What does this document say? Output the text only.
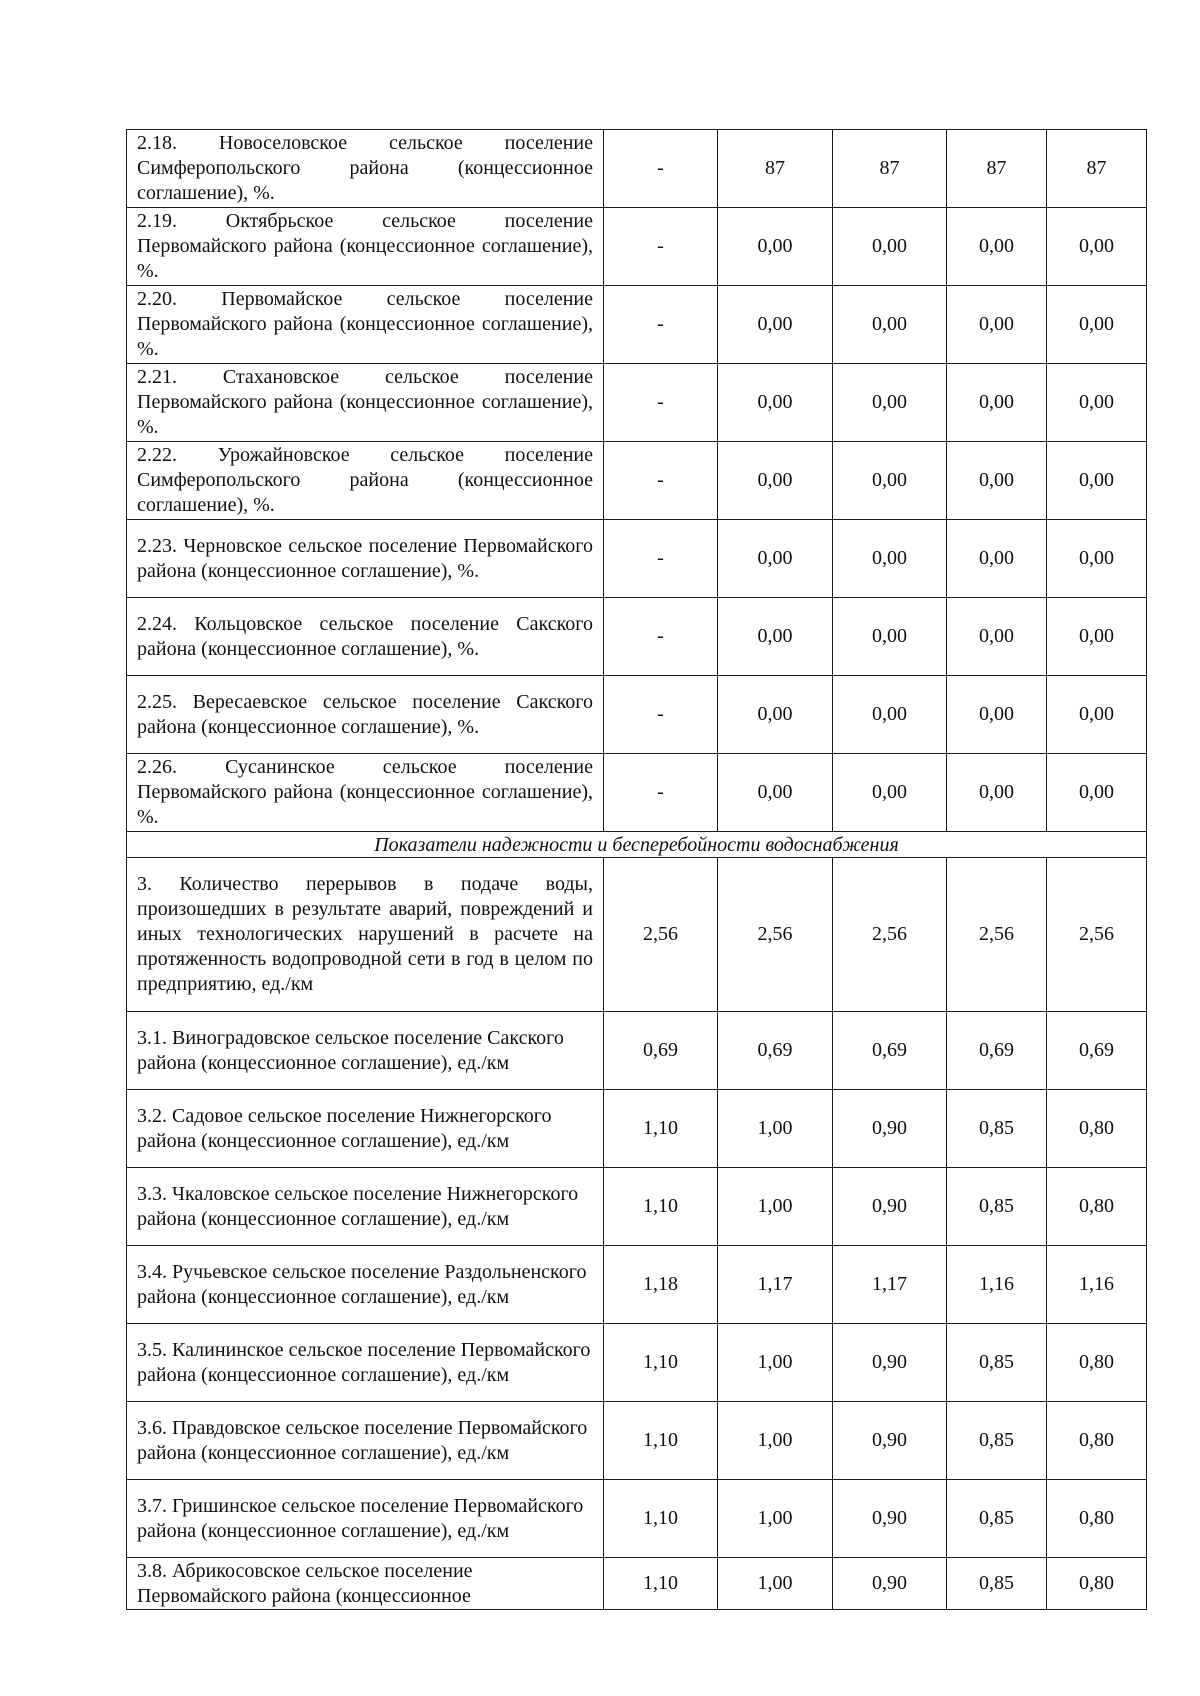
2.18. Новоселовское сельское поселение Симферопольского района (концессионное соглашение), %.	-	87	87	87	87
2.19. Октябрьское сельское поселение Первомайского района (концессионное соглашение), %.	-	0,00	0,00	0,00	0,00
2.20. Первомайское сельское поселение Первомайского района (концессионное соглашение), %.	-	0,00	0,00	0,00	0,00
2.21. Стахановское сельское поселение Первомайского района (концессионное соглашение), %.	-	0,00	0,00	0,00	0,00
2.22. Урожайновское сельское поселение Симферопольского района (концессионное соглашение), %.	-	0,00	0,00	0,00	0,00
2.23. Черновское сельское поселение Первомайского района (концессионное соглашение), %.	-	0,00	0,00	0,00	0,00
2.24. Кольцовское сельское поселение Сакского района (концессионное соглашение), %.	-	0,00	0,00	0,00	0,00
2.25. Вересаевское сельское поселение Сакского района (концессионное соглашение), %.	-	0,00	0,00	0,00	0,00
2.26. Сусанинское сельское поселение Первомайского района (концессионное соглашение), %.	-	0,00	0,00	0,00	0,00
Показатели надежности и бесперебойности водоснабжения					
3. Количество перерывов в подаче воды, произошедших в результате аварий, повреждений и иных технологических нарушений в расчете на протяженность водопроводной сети в год в целом по предприятию, ед./км	2,56	2,56	2,56	2,56	2,56
3.1. Виноградовское сельское поселение Сакского района (концессионное соглашение), ед./км	0,69	0,69	0,69	0,69	0,69
3.2. Садовое сельское поселение Нижнегорского района (концессионное соглашение), ед./км	1,10	1,00	0,90	0,85	0,80
3.3. Чкаловское сельское поселение Нижнегорского района (концессионное соглашение), ед./км	1,10	1,00	0,90	0,85	0,80
3.4. Ручьевское сельское поселение Раздольненского района (концессионное соглашение), ед./км	1,18	1,17	1,17	1,16	1,16
3.5. Калининское сельское поселение Первомайского района (концессионное соглашение), ед./км	1,10	1,00	0,90	0,85	0,80
3.6. Правдовское сельское поселение Первомайского района (концессионное соглашение), ед./км	1,10	1,00	0,90	0,85	0,80
3.7. Гришинское сельское поселение Первомайского района (концессионное соглашение), ед./км	1,10	1,00	0,90	0,85	0,80
3.8. Абрикосовское сельское поселение Первомайского района (концессионное	1,10	1,00	0,90	0,85	0,80
